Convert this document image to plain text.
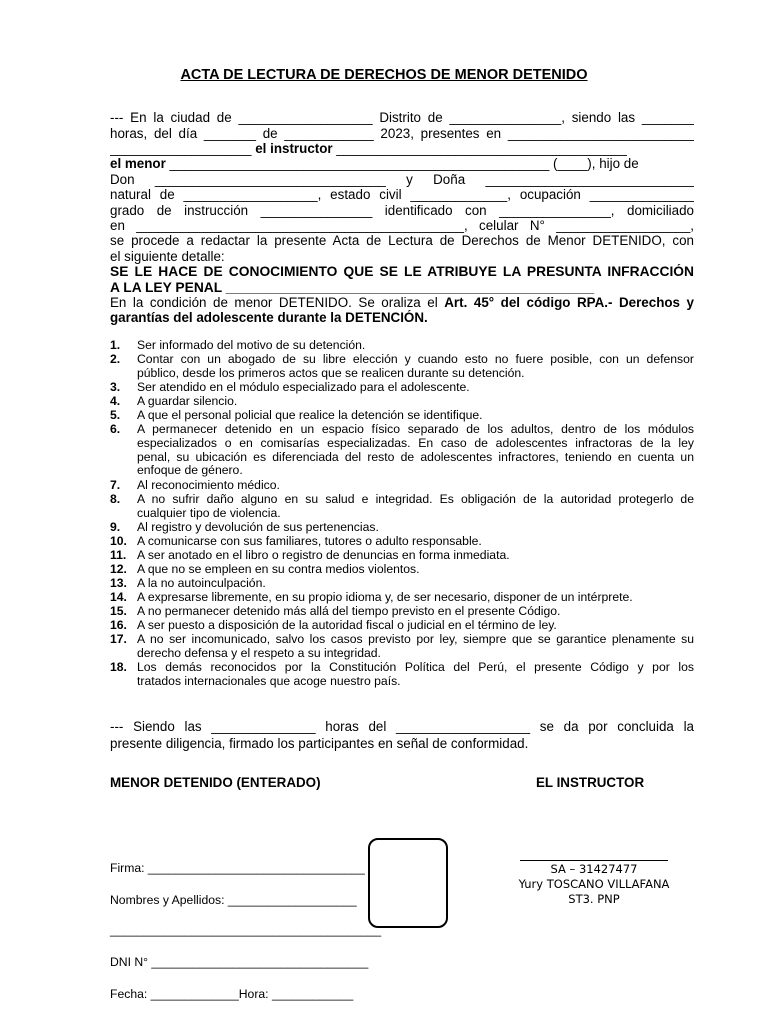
ACTA DE LECTURA DE DERECHOS DE MENOR DETENIDO
--- En la ciudad de __________________ Distrito de _______________, siendo las _______
horas, del día _______ de ____________ 2023, presentes en _________________________
___________________ el instructor _______________________________________
el menor ___________________________________________________ (____), hijo de
Don _______________________________ y Doña ____________________________
natural de __________________, estado civil _____________, ocupación ______________
grado de instrucción _______________ identificado con _______________, domiciliado
en ____________________________________________, celular N° __________________,
se procede a redactar la presente Acta de Lectura de Derechos de Menor DETENIDO, con
el siguiente detalle:
SE LE HACE DE CONOCIMIENTO QUE SE LE ATRIBUYE LA PRESUNTA INFRACCIÓN
A LA LEY PENAL ________________________________________________
En la condición de menor DETENIDO. Se oraliza el Art. 45° del código RPA.- Derechos y
garantías del adolescente durante la DETENCIÓN.
1. Ser informado del motivo de su detención.
2. Contar con un abogado de su libre elección y cuando esto no fuere posible, con un defensor
público, desde los primeros actos que se realicen durante su detención.
3. Ser atendido en el módulo especializado para el adolescente.
4. A guardar silencio.
5. A que el personal policial que realice la detención se identifique.
6. A permanecer detenido en un espacio físico separado de los adultos, dentro de los módulos
especializados o en comisarías especializadas. En caso de adolescentes infractoras de la ley
penal, su ubicación es diferenciada del resto de adolescentes infractores, teniendo en cuenta un
enfoque de género.
7. Al reconocimiento médico.
8. A no sufrir daño alguno en su salud e integridad. Es obligación de la autoridad protegerlo de
cualquier tipo de violencia.
9. Al registro y devolución de sus pertenencias.
10. A comunicarse con sus familiares, tutores o adulto responsable.
11. A ser anotado en el libro o registro de denuncias en forma inmediata.
12. A que no se empleen en su contra medios violentos.
13. A la no autoinculpación.
14. A expresarse libremente, en su propio idioma y, de ser necesario, disponer de un intérprete.
15. A no permanecer detenido más allá del tiempo previsto en el presente Código.
16. A ser puesto a disposición de la autoridad fiscal o judicial en el término de ley.
17. A no ser incomunicado, salvo los casos previsto por ley, siempre que se garantice plenamente su
derecho defensa y el respeto a su integridad.
18. Los demás reconocidos por la Constitución Política del Perú, el presente Código y por los
tratados internacionales que acoge nuestro país.
--- Siendo las ______________ horas del __________________ se da por concluida la
presente diligencia, firmado los participantes en señal de conformidad.
MENOR DETENIDO (ENTERADO)	EL INSTRUCTOR

Firma: ________________________________

Nombres y Apellidos: ___________________

________________________________________

DNI N° ________________________________

Fecha: _____________Hora: ____________

SA – 31427477
Yury TOSCANO VILLAFANA
ST3. PNP
